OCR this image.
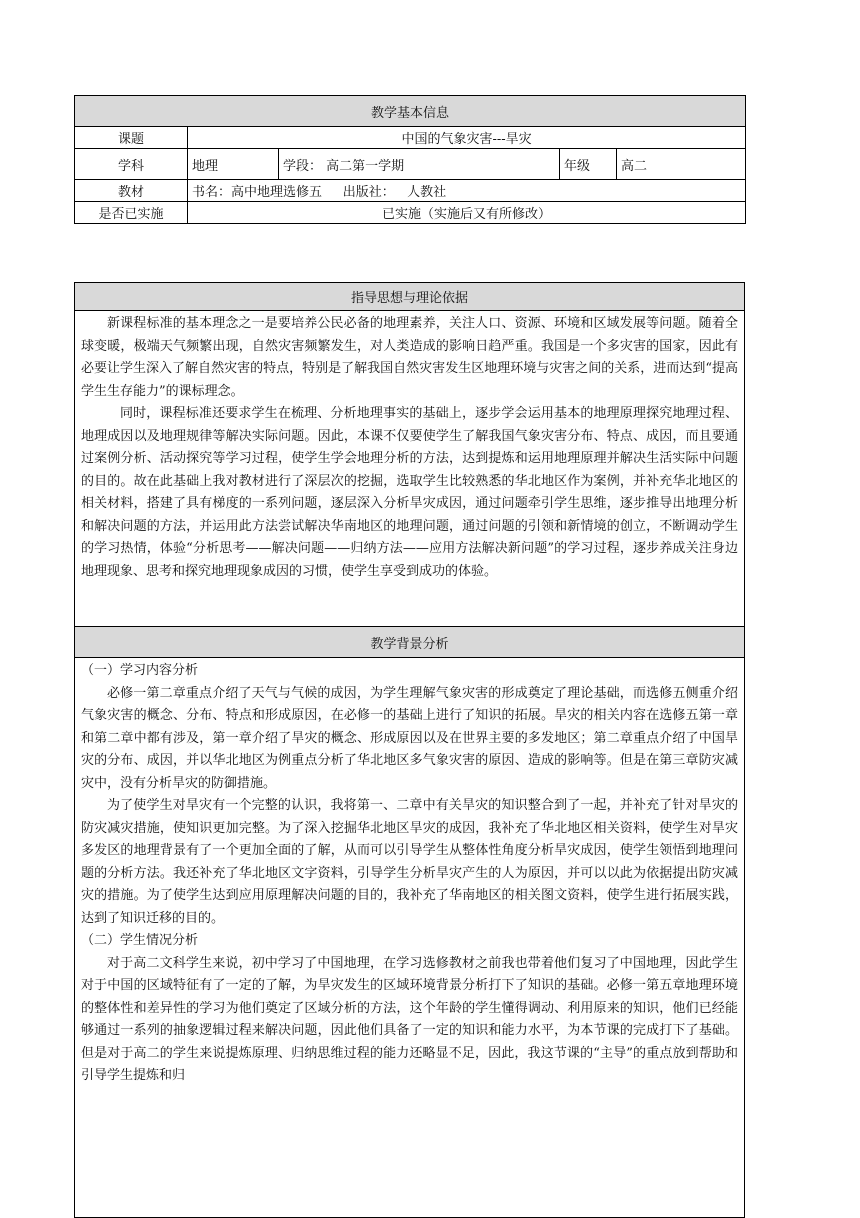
教学基本信息				
课题	中国的气象灾害---旱灾			
学科	地理	学段： 高二第一学期	年级	高二
教材	书名：高中地理选修五 出版社： 人教社			
是否已实施	已实施（实施后又有所修改）			
指导思想与理论依据

新课程标准的基本理念之一是要培养公民必备的地理素养，关注人口、资源、环境和区域发展等问题。随着全球变暖，极端天气频繁出现，自然灾害频繁发生，对人类造成的影响日趋严重。我国是一个多灾害的国家，因此有必要让学生深入了解自然灾害的特点，特别是了解我国自然灾害发生区地理环境与灾害之间的关系，进而达到“提高学生生存能力”的课标理念。

同时，课程标准还要求学生在梳理、分析地理事实的基础上，逐步学会运用基本的地理原理探究地理过程、地理成因以及地理规律等解决实际问题。因此，本课不仅要使学生了解我国气象灾害分布、特点、成因，而且要通过案例分析、活动探究等学习过程，使学生学会地理分析的方法，达到提炼和运用地理原理并解决生活实际中问题的目的。故在此基础上我对教材进行了深层次的挖掘，选取学生比较熟悉的华北地区作为案例，并补充华北地区的相关材料，搭建了具有梯度的一系列问题，逐层深入分析旱灾成因，通过问题牵引学生思维，逐步推导出地理分析和解决问题的方法，并运用此方法尝试解决华南地区的地理问题，通过问题的引领和新情境的创立，不断调动学生的学习热情，体验“分析思考——解决问题——归纳方法——应用方法解决新问题”的学习过程，逐步养成关注身边地理现象、思考和探究地理现象成因的习惯，使学生享受到成功的体验。

教学背景分析

（一）学习内容分析

必修一第二章重点介绍了天气与气候的成因，为学生理解气象灾害的形成奠定了理论基础，而选修五侧重介绍气象灾害的概念、分布、特点和形成原因，在必修一的基础上进行了知识的拓展。旱灾的相关内容在选修五第一章和第二章中都有涉及，第一章介绍了旱灾的概念、形成原因以及在世界主要的多发地区；第二章重点介绍了中国旱灾的分布、成因，并以华北地区为例重点分析了华北地区多气象灾害的原因、造成的影响等。但是在第三章防灾减灾中，没有分析旱灾的防御措施。

为了使学生对旱灾有一个完整的认识，我将第一、二章中有关旱灾的知识整合到了一起，并补充了针对旱灾的防灾减灾措施，使知识更加完整。为了深入挖掘华北地区旱灾的成因，我补充了华北地区相关资料，使学生对旱灾多发区的地理背景有了一个更加全面的了解，从而可以引导学生从整体性角度分析旱灾成因，使学生领悟到地理问题的分析方法。我还补充了华北地区文字资料，引导学生分析旱灾产生的人为原因，并可以以此为依据提出防灾减灾的措施。为了使学生达到应用原理解决问题的目的，我补充了华南地区的相关图文资料，使学生进行拓展实践，达到了知识迁移的目的。

（二）学生情况分析

对于高二文科学生来说，初中学习了中国地理，在学习选修教材之前我也带着他们复习了中国地理，因此学生对于中国的区域特征有了一定的了解，为旱灾发生的区域环境背景分析打下了知识的基础。必修一第五章地理环境的整体性和差异性的学习为他们奠定了区域分析的方法，这个年龄的学生懂得调动、利用原来的知识，他们已经能够通过一系列的抽象逻辑过程来解决问题，因此他们具备了一定的知识和能力水平，为本节课的完成打下了基础。但是对于高二的学生来说提炼原理、归纳思维过程的能力还略显不足，因此，我这节课的“主导”的重点放到帮助和引导学生提炼和归
